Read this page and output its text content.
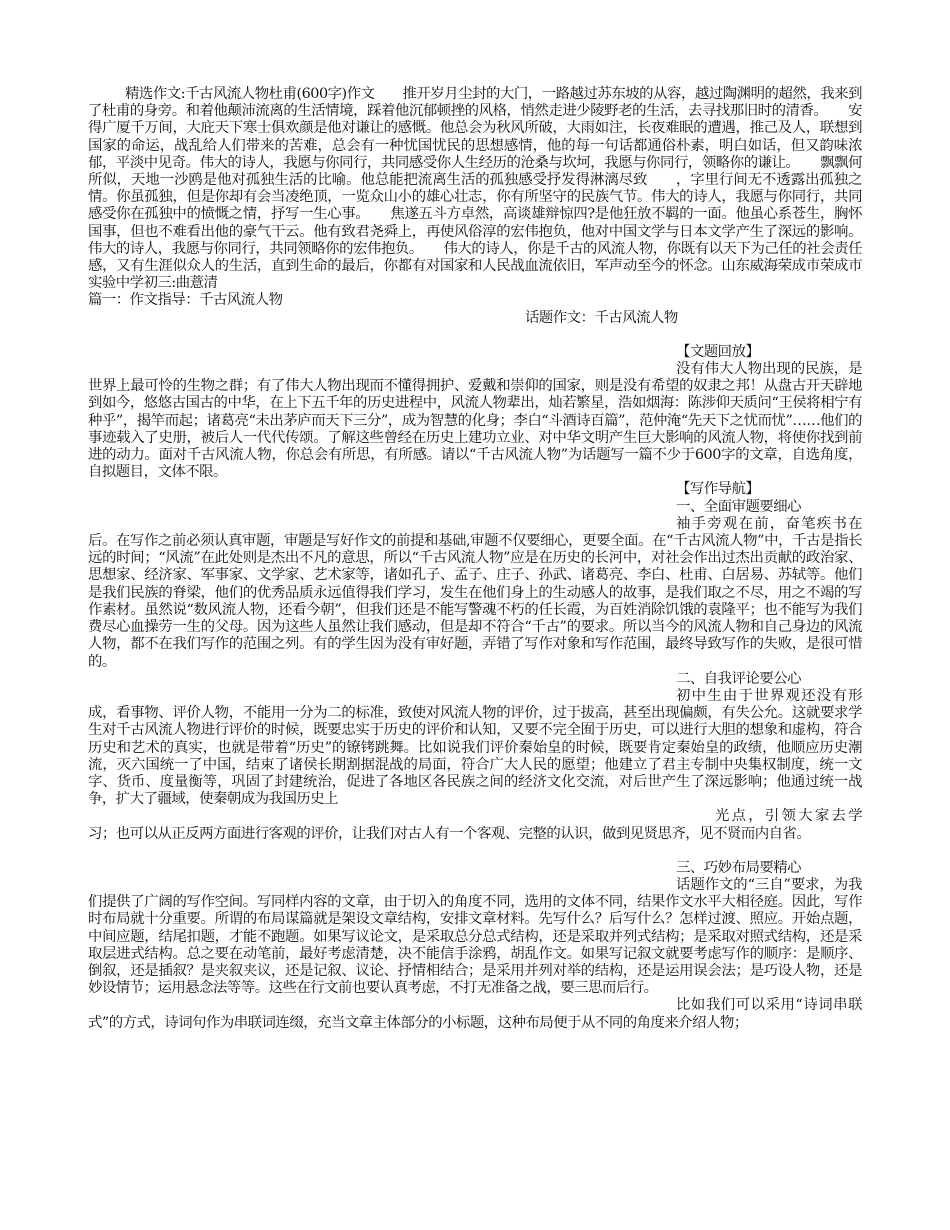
精选作文:千古风流人物杜甫(600字)作文　　推开岁月尘封的大门，一路越过苏东坡的从容，越过陶渊明的超然，我来到了杜甫的身旁。和着他颠沛流离的生活情境，踩着他沉郁顿挫的风格，悄然走进少陵野老的生活，去寻找那旧时的清香。　　安得广厦千万间，大庇天下寒士俱欢颜是他对谦让的感慨。他总会为秋风所破，大雨如注，长夜难眠的遭遇，推己及人，联想到国家的命运，战乱给人们带来的苦难，总会有一种忧国忧民的思想感情，他的每一句话都通俗朴素，明白如话，但又韵味浓郁，平淡中见奇。伟大的诗人，我愿与你同行，共同感受你人生经历的沧桑与坎坷，我愿与你同行，领略你的谦让。　　飘飘何所似，天地一沙鸥是他对孤独生活的比喻。他总能把流离生活的孤独感受抒发得淋漓尽致　　，字里行间无不透露出孤独之情。你虽孤独，但是你却有会当凌绝顶，一览众山小的雄心壮志，你有所坚守的民族气节。伟大的诗人，我愿与你同行，共同感受你在孤独中的愤慨之情，抒写一生心事。　　焦遂五斗方卓然，高谈雄辩惊四?是他狂放不羁的一面。他虽心系苍生，胸怀国事，但也不难看出他的豪气干云。他有致君尧舜上，再使风俗淳的宏伟抱负，他对中国文学与日本文学产生了深远的影响。伟大的诗人，我愿与你同行，共同领略你的宏伟抱负。　　伟大的诗人，你是千古的风流人物，你既有以天下为己任的社会责任感，又有生涯似众人的生活，直到生命的最后，你都有对国家和人民战血流依旧，军声动至今的怀念。山东威海荣成市荣成市实验中学初三:曲薏清

篇一：作文指导：千古风流人物

话题作文：千古风流人物

【文题回放】

没有伟大人物出现的民族，是世界上最可怜的生物之群；有了伟大人物出现而不懂得拥护、爱戴和崇仰的国家，则是没有希望的奴隶之邦！从盘古开天辟地到如今，悠悠古国古的中华，在上下五千年的历史进程中，风流人物辈出，灿若繁星，浩如烟海：陈涉仰天质问“王侯将相宁有种乎”，揭竿而起；诸葛亮“未出茅庐而天下三分”，成为智慧的化身；李白“斗酒诗百篇”，范仲淹“先天下之忧而忧”……他们的事迹载入了史册，被后人一代代传颂。了解这些曾经在历史上建功立业、对中华文明产生巨大影响的风流人物，将使你找到前进的动力。面对千古风流人物，你总会有所思，有所感。请以“千古风流人物”为话题写一篇不少于600字的文章，自选角度，自拟题目，文体不限。

【写作导航】

一、全面审题要细心

袖手旁观在前，奋笔疾书在后。在写作之前必须认真审题，审题是写好作文的前提和基础,审题不仅要细心，更要全面。在“千古风流人物”中，千古是指长远的时间；“风流”在此处则是杰出不凡的意思，所以“千古风流人物”应是在历史的长河中，对社会作出过杰出贡献的政治家、思想家、经济家、军事家、文学家、艺术家等，诸如孔子、孟子、庄子、孙武、诸葛亮、李白、杜甫、白居易、苏轼等。他们是我们民族的脊梁，他们的优秀品质永远值得我们学习，发生在他们身上的生动感人的故事，是我们取之不尽，用之不竭的写作素材。虽然说“数风流人物，还看今朝”，但我们还是不能写警魂不朽的任长霞，为百姓消除饥饿的袁隆平；也不能写为我们费尽心血操劳一生的父母。因为这些人虽然让我们感动，但是却不符合“千古”的要求。所以当今的风流人物和自己身边的风流人物，都不在我们写作的范围之列。有的学生因为没有审好题，弄错了写作对象和写作范围，最终导致写作的失败，是很可惜的。

二、自我评论要公心

初中生由于世界观还没有形成，看事物、评价人物，不能用一分为二的标准，致使对风流人物的评价，过于拔高，甚至出现偏颇，有失公允。这就要求学生对千古风流人物进行评价的时候，既要忠实于历史的评价和认知，又要不完全囿于历史，可以进行大胆的想象和虚构，符合历史和艺术的真实，也就是带着“历史”的镣铐跳舞。比如说我们评价秦始皇的时候，既要肯定秦始皇的政绩，他顺应历史潮流，灭六国统一了中国，结束了诸侯长期割据混战的局面，符合广大人民的愿望；他建立了君主专制中央集权制度，统一文字、货币、度量衡等，巩固了封建统治，促进了各地区各民族之间的经济文化交流，对后世产生了深远影响；他通过统一战争，扩大了疆域，使秦朝成为我国历史上

光点，引领大家去学习；也可以从正反两方面进行客观的评价，让我们对古人有一个客观、完整的认识，做到见贤思齐，见不贤而内自省。

三、巧妙布局要精心

话题作文的“三自”要求，为我们提供了广阔的写作空间。写同样内容的文章，由于切入的角度不同，选用的文体不同，结果作文水平大相径庭。因此，写作时布局就十分重要。所谓的布局谋篇就是架设文章结构，安排文章材料。先写什么？后写什么？怎样过渡、照应。开始点题，中间应题，结尾扣题，才能不跑题。如果写议论文，是采取总分总式结构，还是采取并列式结构；是采取对照式结构，还是采取层进式结构。总之要在动笔前，最好考虑清楚，决不能信手涂鸦，胡乱作文。如果写记叙文就要考虑写作的顺序：是顺序、倒叙，还是插叙？是夹叙夹议，还是记叙、议论、抒情相结合；是采用并列对举的结构，还是运用误会法；是巧设人物，还是妙设情节；运用悬念法等等。这些在行文前也要认真考虑，不打无准备之战，要三思而后行。

比如我们可以采用“诗词串联式”的方式，诗词句作为串联词连缀，充当文章主体部分的小标题，这种布局便于从不同的角度来介绍人物；
